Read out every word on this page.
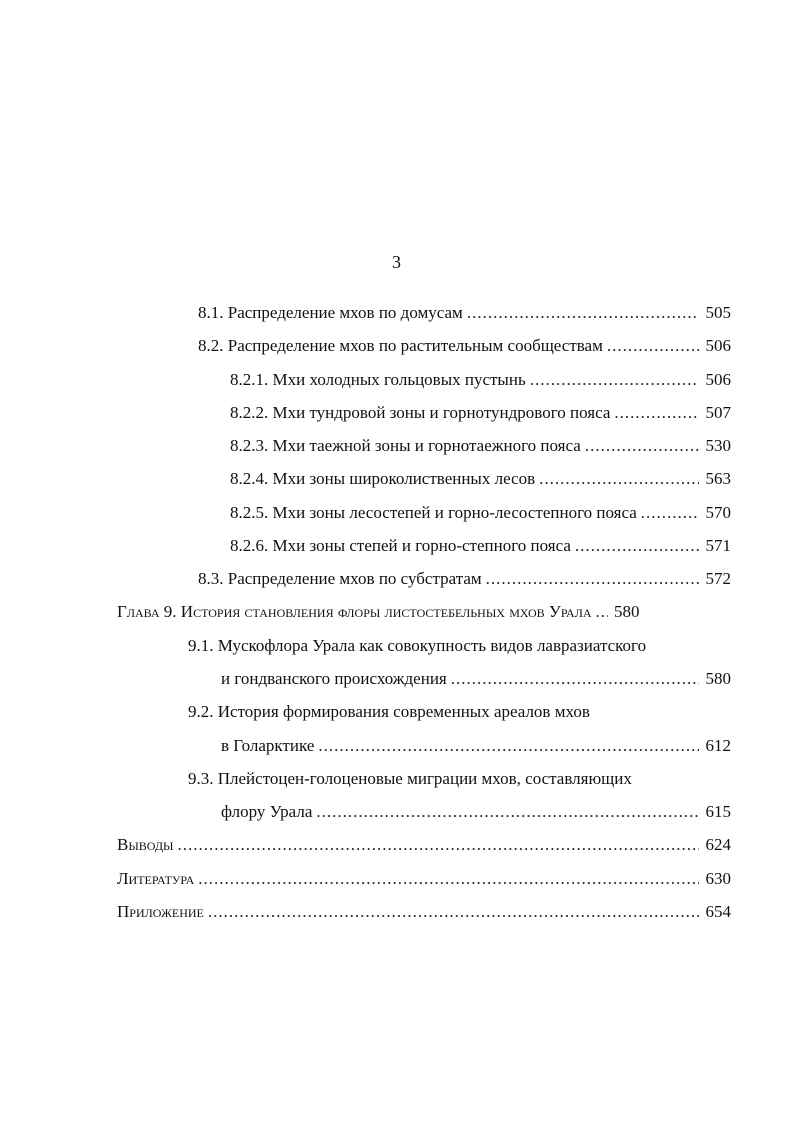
3
8.1. Распределение мхов по домусам .....	505
8.2. Распределение мхов по растительным сообществам .....	506
8.2.1. Мхи холодных гольцовых пустынь .....	506
8.2.2. Мхи тундровой зоны и горнотундрового пояса .....	507
8.2.3. Мхи таежной зоны и горнотаежного пояса .....	530
8.2.4. Мхи зоны широколиственных лесов .....	563
8.2.5. Мхи зоны лесостепей и горно-лесостепного пояса .....	570
8.2.6. Мхи зоны степей и горно-степного пояса .....	571
8.3. Распределение мхов по субстратам .....	572
Глава 9. История становления флоры листостебельных мхов Урала ..... 580
9.1. Мускофлора Урала как совокупность видов лавразиатского
и гондванского происхождения .....	580
9.2. История формирования современных ареалов мхов
в Голарктике .....	612
9.3. Плейстоцен-голоценовые миграции мхов, составляющих
флору Урала .....	615
Выводы .....	624
Литература .....	630
Приложение .....	654
